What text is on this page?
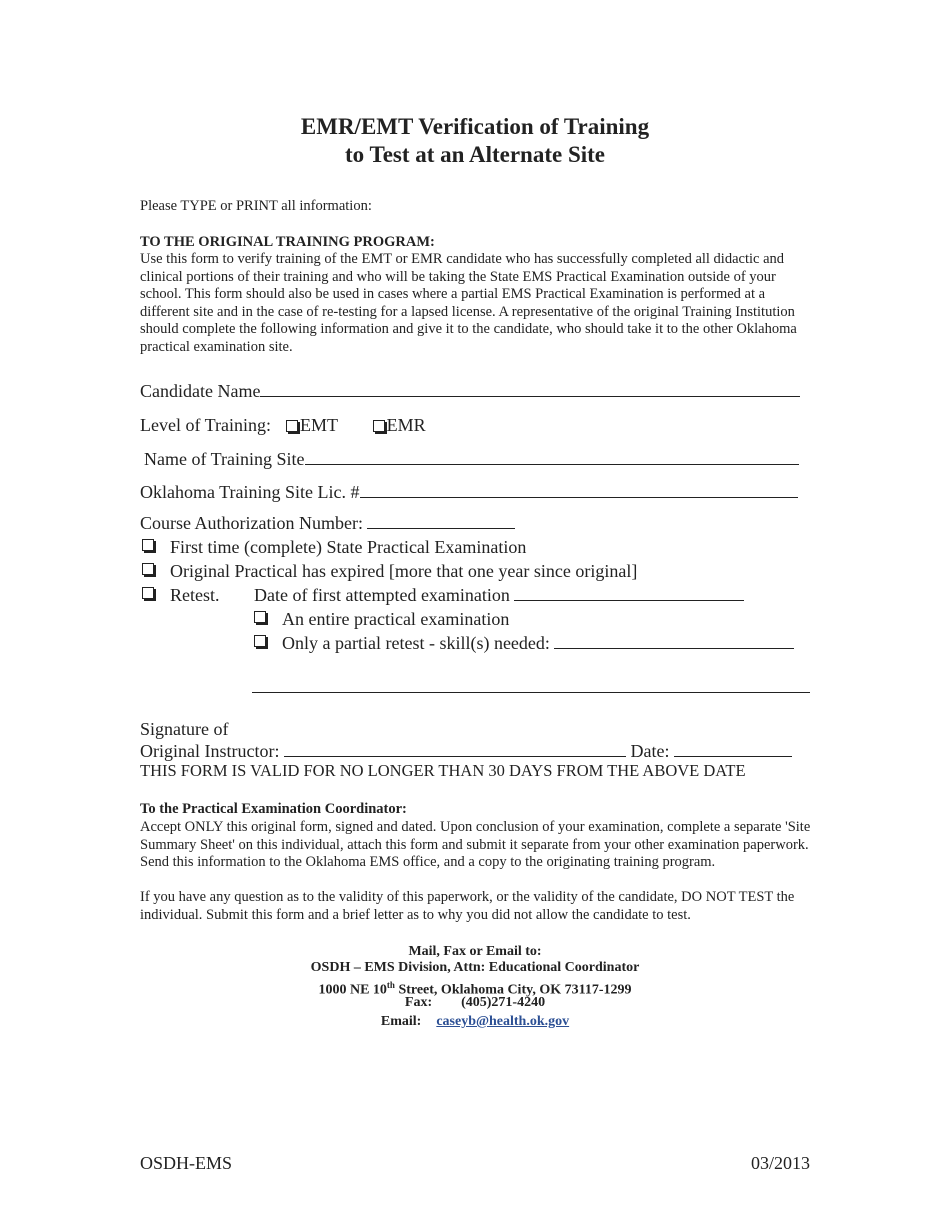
EMR/EMT Verification of Training
to Test at an Alternate Site
Please TYPE or PRINT all information:
TO THE ORIGINAL TRAINING PROGRAM:
Use this form to verify training of the EMT or EMR candidate who has successfully completed all didactic and clinical portions of their training and who will be taking the State EMS Practical Examination outside of your school. This form should also be used in cases where a partial EMS Practical Examination is performed at a different site and in the case of re-testing for a lapsed license. A representative of the original Training Institution should complete the following information and give it to the candidate, who should take it to the other Oklahoma practical examination site.
Candidate Name
Level of Training: EMT	EMR
Name of Training Site
Oklahoma Training Site Lic. #
Course Authorization Number:
First time (complete) State Practical Examination
Original Practical has expired [more that one year since original]
Retest. Date of first attempted examination
An entire practical examination
Only a partial retest - skill(s) needed:
Signature of
Original Instructor:	Date:
THIS FORM IS VALID FOR NO LONGER THAN 30 DAYS FROM THE ABOVE DATE
To the Practical Examination Coordinator:
Accept ONLY this original form, signed and dated. Upon conclusion of your examination, complete a separate 'Site Summary Sheet' on this individual, attach this form and submit it separate from your other examination paperwork. Send this information to the Oklahoma EMS office, and a copy to the originating training program.
If you have any question as to the validity of this paperwork, or the validity of the candidate, DO NOT TEST the individual. Submit this form and a brief letter as to why you did not allow the candidate to test.
Mail, Fax or Email to:
OSDH – EMS Division, Attn: Educational Coordinator
1000 NE 10th Street, Oklahoma City, OK 73117-1299
Fax: (405)271-4240
Email: caseyb@health.ok.gov
OSDH-EMS	03/2013
